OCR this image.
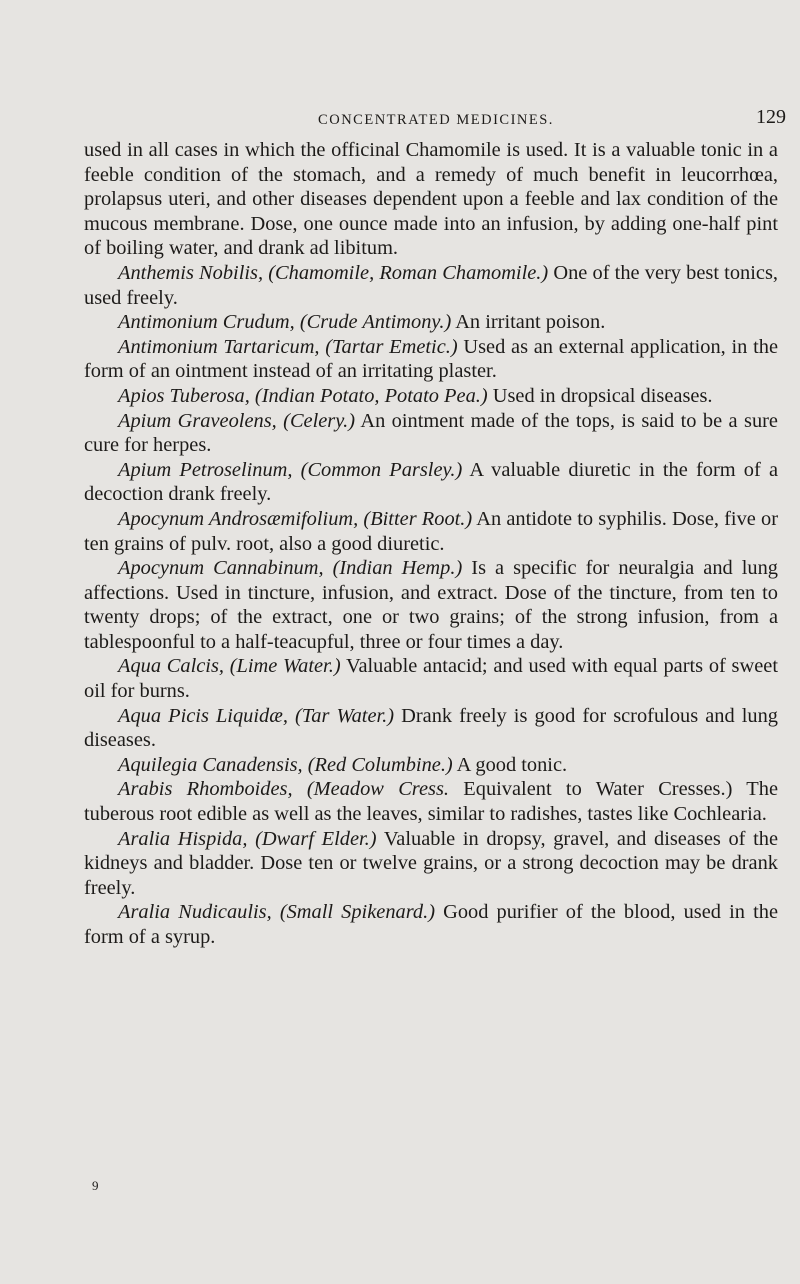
CONCENTRATED MEDICINES.	129

used in all cases in which the officinal Chamomile is used. It is a valuable tonic in a feeble condition of the stomach, and a remedy of much benefit in leucorrhœa, prolapsus uteri, and other diseases dependent upon a feeble and lax condition of the mucous membrane. Dose, one ounce made into an infusion, by adding one-half pint of boiling water, and drank ad libitum.

Anthemis Nobilis, (Chamomile, Roman Chamomile.) One of the very best tonics, used freely.

Antimonium Crudum, (Crude Antimony.) An irritant poison.

Antimonium Tartaricum, (Tartar Emetic.) Used as an external application, in the form of an ointment instead of an irritating plaster.

Apios Tuberosa, (Indian Potato, Potato Pea.) Used in dropsical diseases.

Apium Graveolens, (Celery.) An ointment made of the tops, is said to be a sure cure for herpes.

Apium Petroselinum, (Common Parsley.) A valuable diuretic in the form of a decoction drank freely.

Apocynum Androsæmifolium, (Bitter Root.) An antidote to syphilis. Dose, five or ten grains of pulv. root, also a good diuretic.

Apocynum Cannabinum, (Indian Hemp.) Is a specific for neuralgia and lung affections. Used in tincture, infusion, and extract. Dose of the tincture, from ten to twenty drops; of the extract, one or two grains; of the strong infusion, from a tablespoonful to a half-teacupful, three or four times a day.

Aqua Calcis, (Lime Water.) Valuable antacid; and used with equal parts of sweet oil for burns.

Aqua Picis Liquidæ, (Tar Water.) Drank freely is good for scrofulous and lung diseases.

Aquilegia Canadensis, (Red Columbine.) A good tonic.

Arabis Rhomboides, (Meadow Cress. Equivalent to Water Cresses.) The tuberous root edible as well as the leaves, similar to radishes, tastes like Cochlearia.

Aralia Hispida, (Dwarf Elder.) Valuable in dropsy, gravel, and diseases of the kidneys and bladder. Dose ten or twelve grains, or a strong decoction may be drank freely.

Aralia Nudicaulis, (Small Spikenard.) Good purifier of the blood, used in the form of a syrup.

9
